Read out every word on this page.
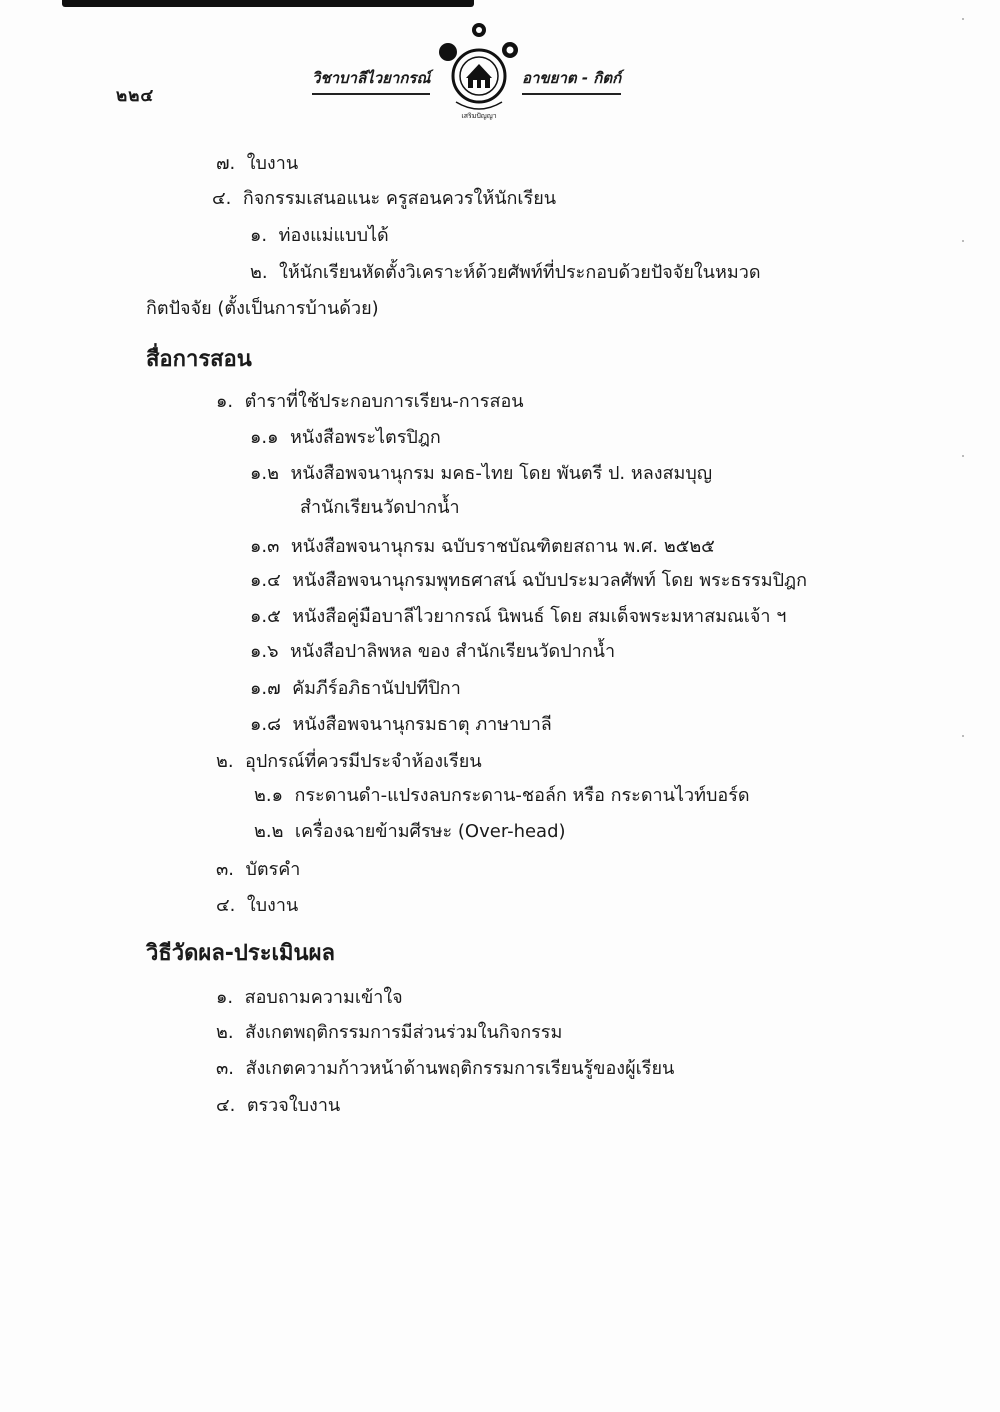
๒๒๔
วิชาบาลีไวยากรณ์	อาขยาต - กิตก์
เสริมปัญญา
๗. ใบงาน
๔. กิจกรรมเสนอแนะ ครูสอนควรให้นักเรียน
๑. ท่องแม่แบบได้
๒. ให้นักเรียนหัดตั้งวิเคราะห์ด้วยศัพท์ที่ประกอบด้วยปัจจัยในหมวด
กิตปัจจัย (ตั้งเป็นการบ้านด้วย)
สื่อการสอน
๑. ตำราที่ใช้ประกอบการเรียน-การสอน
๑.๑ หนังสือพระไตรปิฎก
๑.๒ หนังสือพจนานุกรม มคธ-ไทย โดย พันตรี ป. หลงสมบุญ
สำนักเรียนวัดปากน้ำ
๑.๓ หนังสือพจนานุกรม ฉบับราชบัณฑิตยสถาน พ.ศ. ๒๕๒๕
๑.๔ หนังสือพจนานุกรมพุทธศาสน์ ฉบับประมวลศัพท์ โดย พระธรรมปิฎก
๑.๕ หนังสือคู่มือบาลีไวยากรณ์ นิพนธ์ โดย สมเด็จพระมหาสมณเจ้า ฯ
๑.๖ หนังสือปาลิพหล ของ สำนักเรียนวัดปากน้ำ
๑.๗ คัมภีร์อภิธานัปปทีปิกา
๑.๘ หนังสือพจนานุกรมธาตุ ภาษาบาลี
๒. อุปกรณ์ที่ควรมีประจำห้องเรียน
๒.๑ กระดานดำ-แปรงลบกระดาน-ชอล์ก หรือ กระดานไวท์บอร์ด
๒.๒ เครื่องฉายข้ามศีรษะ (Over-head)
๓. บัตรคำ
๔. ใบงาน
วิธีวัดผล-ประเมินผล
๑. สอบถามความเข้าใจ
๒. สังเกตพฤติกรรมการมีส่วนร่วมในกิจกรรม
๓. สังเกตความก้าวหน้าด้านพฤติกรรมการเรียนรู้ของผู้เรียน
๔. ตรวจใบงาน
